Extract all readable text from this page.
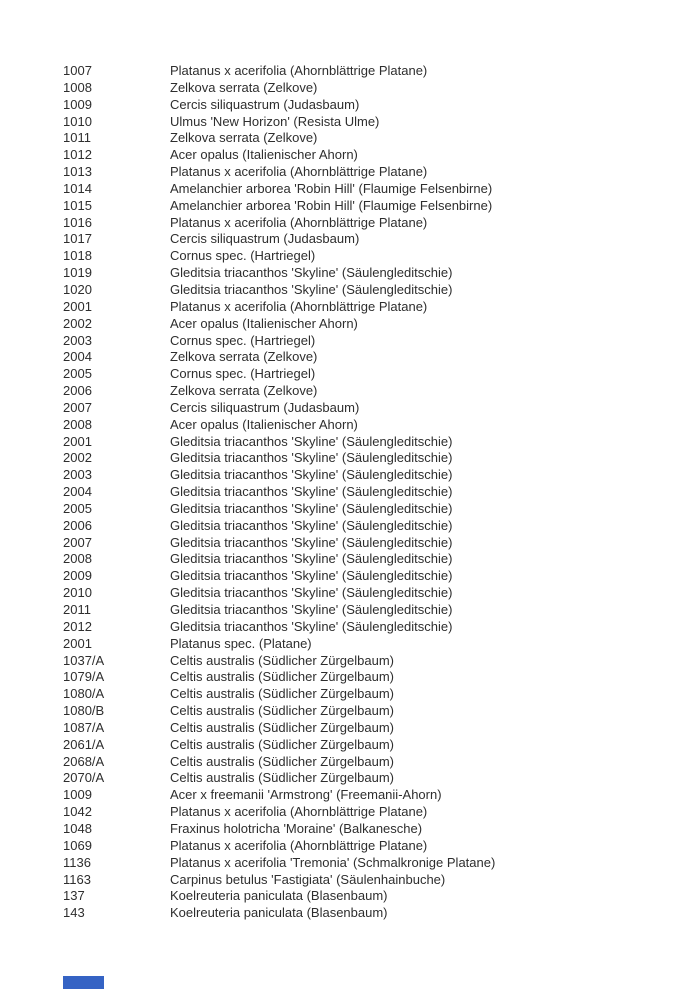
1007	Platanus x acerifolia (Ahornblättrige Platane)
1008	Zelkova serrata (Zelkove)
1009	Cercis siliquastrum (Judasbaum)
1010	Ulmus 'New Horizon' (Resista Ulme)
1011	Zelkova serrata (Zelkove)
1012	Acer opalus (Italienischer Ahorn)
1013	Platanus x acerifolia (Ahornblättrige Platane)
1014	Amelanchier arborea 'Robin Hill' (Flaumige Felsenbirne)
1015	Amelanchier arborea 'Robin Hill' (Flaumige Felsenbirne)
1016	Platanus x acerifolia (Ahornblättrige Platane)
1017	Cercis siliquastrum (Judasbaum)
1018	Cornus spec. (Hartriegel)
1019	Gleditsia triacanthos 'Skyline' (Säulengleditschie)
1020	Gleditsia triacanthos 'Skyline' (Säulengleditschie)
2001	Platanus x acerifolia (Ahornblättrige Platane)
2002	Acer opalus (Italienischer Ahorn)
2003	Cornus spec. (Hartriegel)
2004	Zelkova serrata (Zelkove)
2005	Cornus spec. (Hartriegel)
2006	Zelkova serrata (Zelkove)
2007	Cercis siliquastrum (Judasbaum)
2008	Acer opalus (Italienischer Ahorn)
2001	Gleditsia triacanthos 'Skyline' (Säulengleditschie)
2002	Gleditsia triacanthos 'Skyline' (Säulengleditschie)
2003	Gleditsia triacanthos 'Skyline' (Säulengleditschie)
2004	Gleditsia triacanthos 'Skyline' (Säulengleditschie)
2005	Gleditsia triacanthos 'Skyline' (Säulengleditschie)
2006	Gleditsia triacanthos 'Skyline' (Säulengleditschie)
2007	Gleditsia triacanthos 'Skyline' (Säulengleditschie)
2008	Gleditsia triacanthos 'Skyline' (Säulengleditschie)
2009	Gleditsia triacanthos 'Skyline' (Säulengleditschie)
2010	Gleditsia triacanthos 'Skyline' (Säulengleditschie)
2011	Gleditsia triacanthos 'Skyline' (Säulengleditschie)
2012	Gleditsia triacanthos 'Skyline' (Säulengleditschie)
2001	Platanus spec. (Platane)
1037/A	Celtis australis (Südlicher Zürgelbaum)
1079/A	Celtis australis (Südlicher Zürgelbaum)
1080/A	Celtis australis (Südlicher Zürgelbaum)
1080/B	Celtis australis (Südlicher Zürgelbaum)
1087/A	Celtis australis (Südlicher Zürgelbaum)
2061/A	Celtis australis (Südlicher Zürgelbaum)
2068/A	Celtis australis (Südlicher Zürgelbaum)
2070/A	Celtis australis (Südlicher Zürgelbaum)
1009	Acer x freemanii 'Armstrong' (Freemanii-Ahorn)
1042	Platanus x acerifolia (Ahornblättrige Platane)
1048	Fraxinus holotricha 'Moraine' (Balkanesche)
1069	Platanus x acerifolia (Ahornblättrige Platane)
1136	Platanus x acerifolia 'Tremonia' (Schmalkronige Platane)
1163	Carpinus betulus 'Fastigiata' (Säulenhainbuche)
137	Koelreuteria paniculata (Blasenbaum)
143	Koelreuteria paniculata (Blasenbaum)
